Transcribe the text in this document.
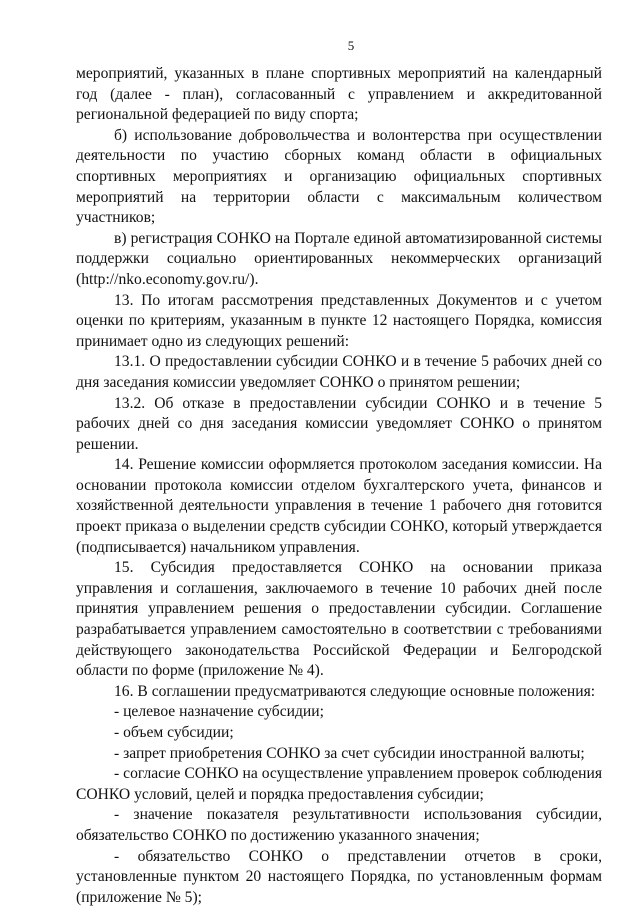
5

мероприятий, указанных в плане спортивных мероприятий на календарный год (далее - план), согласованный с управлением и аккредитованной региональной федерацией по виду спорта;

б) использование добровольчества и волонтерства при осуществлении деятельности по участию сборных команд области в официальных спортивных мероприятиях и организацию официальных спортивных мероприятий на территории области с максимальным количеством участников;

в) регистрация СОНКО на Портале единой автоматизированной системы поддержки социально ориентированных некоммерческих организаций (http://nko.economy.gov.ru/).

13. По итогам рассмотрения представленных Документов и с учетом оценки по критериям, указанным в пункте 12 настоящего Порядка, комиссия принимает одно из следующих решений:

13.1. О предоставлении субсидии СОНКО и в течение 5 рабочих дней со дня заседания комиссии уведомляет СОНКО о принятом решении;

13.2. Об отказе в предоставлении субсидии СОНКО и в течение 5 рабочих дней со дня заседания комиссии уведомляет СОНКО о принятом решении.

14. Решение комиссии оформляется протоколом заседания комиссии. На основании протокола комиссии отделом бухгалтерского учета, финансов и хозяйственной деятельности управления в течение 1 рабочего дня готовится проект приказа о выделении средств субсидии СОНКО, который утверждается (подписывается) начальником управления.

15. Субсидия предоставляется СОНКО на основании приказа управления и соглашения, заключаемого в течение 10 рабочих дней после принятия управлением решения о предоставлении субсидии. Соглашение разрабатывается управлением самостоятельно в соответствии с требованиями действующего законодательства Российской Федерации и Белгородской области по форме (приложение № 4).

16. В соглашении предусматриваются следующие основные положения:

- целевое назначение субсидии;

- объем субсидии;

- запрет приобретения СОНКО за счет субсидии иностранной валюты;

- согласие СОНКО на осуществление управлением проверок соблюдения СОНКО условий, целей и порядка предоставления субсидии;

- значение показателя результативности использования субсидии, обязательство СОНКО по достижению указанного значения;

- обязательство СОНКО о представлении отчетов в сроки, установленные пунктом 20 настоящего Порядка, по установленным формам (приложение № 5);
